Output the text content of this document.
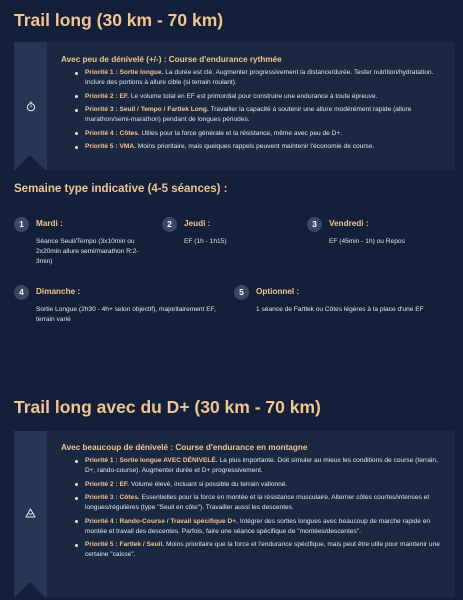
Trail long (30 km - 70 km)
Avec peu de dénivelé (+/-) : Course d'endurance rythmée
Priorité 1 : Sortie longue. La durée est clé. Augmenter progressivement la distance/durée. Tester nutrition/hydratation. Inclure des portions à allure cible (si terrain roulant).
Priorité 2 : EF. Le volume total en EF est primordial pour construire une endurance à toute épreuve.
Priorité 3 : Seuil / Tempo / Fartlek Long. Travailler la capacité à soutenir une allure modérément rapide (allure marathon/semi-marathon) pendant de longues périodes.
Priorité 4 : Côtes. Utiles pour la force générale et la résistance, même avec peu de D+.
Priorité 5 : VMA. Moins prioritaire, mais quelques rappels peuvent maintenir l'économie de course.
Semaine type indicative (4-5 séances) :
1	Mardi :
Séance Seuil/Tempo (3x10min ou 2x20min allure semi/marathon R:2-3min)
2	Jeudi :
EF (1h - 1h15)
3	Vendredi :
EF (45min - 1h) ou Repos
4	Dimanche :
Sortie Longue (2h30 - 4h+ selon objectif), majoritairement EF, terrain varié
5	Optionnel :
1 séance de Fartlek ou Côtes légères à la place d'une EF
Trail long avec du D+ (30 km - 70 km)
Avec beaucoup de dénivelé : Course d'endurance en montagne
Priorité 1 : Sortie longue AVEC DÉNIVELÉ. La plus importante. Doit simuler au mieux les conditions de course (terrain, D+, rando-course). Augmenter durée et D+ progressivement.
Priorité 2 : EF. Volume élevé, incluant si possible du terrain vallonné.
Priorité 3 : Côtes. Essentielles pour la force en montée et la résistance musculaire. Alterner côtes courtes/intenses et longues/régulières (type "Seuil en côte"). Travailler aussi les descentes.
Priorité 4 : Rando-Course / Travail spécifique D+. Intégrer des sorties longues avec beaucoup de marche rapide en montée et travail des descentes. Parfois, faire une séance spécifique de "montées/descentes".
Priorité 5 : Fartlek / Seuil. Moins prioritaire que la force et l'endurance spécifique, mais peut être utile pour maintenir une certaine "caisse".
